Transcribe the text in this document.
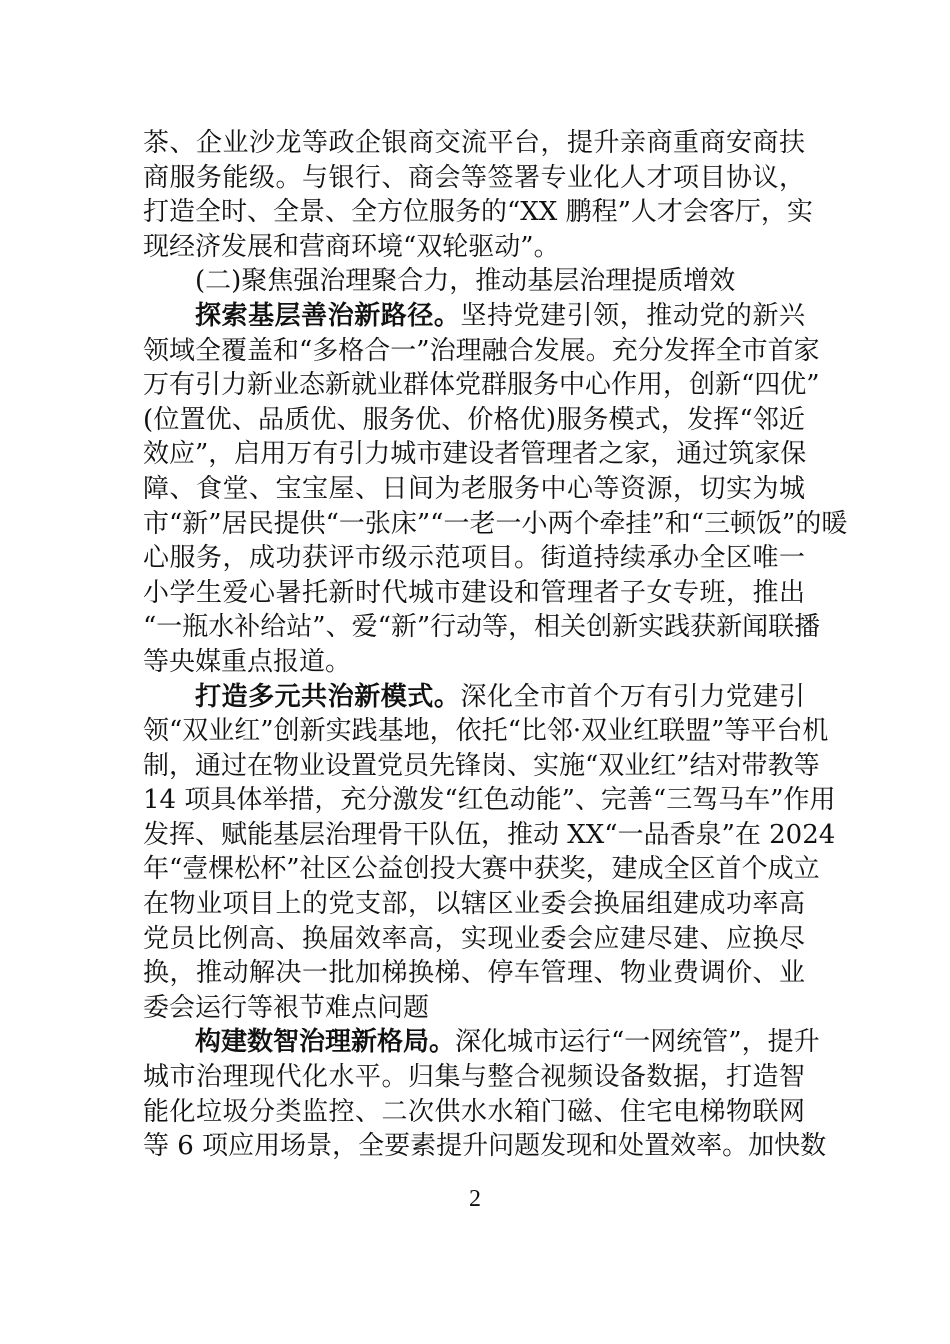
茶、企业沙龙等政企银商交流平台，提升亲商重商安商扶
商服务能级。与银行、商会等签署专业化人才项目协议，
打造全时、全景、全方位服务的“XX 鹏程”人才会客厅，实
现经济发展和营商环境“双轮驱动”。
(二)聚焦强治理聚合力，推动基层治理提质增效
探索基层善治新路径。坚持党建引领，推动党的新兴
领域全覆盖和“多格合一”治理融合发展。充分发挥全市首家
万有引力新业态新就业群体党群服务中心作用，创新“四优”
(位置优、品质优、服务优、价格优)服务模式，发挥“邻近
效应”，启用万有引力城市建设者管理者之家，通过筑家保
障、食堂、宝宝屋、日间为老服务中心等资源，切实为城
市“新”居民提供“一张床”“一老一小两个牵挂”和“三顿饭”的暖
心服务，成功获评市级示范项目。街道持续承办全区唯一
小学生爱心暑托新时代城市建设和管理者子女专班，推出
“一瓶水补给站”、爱“新”行动等，相关创新实践获新闻联播
等央媒重点报道。
打造多元共治新模式。深化全市首个万有引力党建引
领“双业红”创新实践基地，依托“比邻·双业红联盟”等平台机
制，通过在物业设置党员先锋岗、实施“双业红”结对带教等
14 项具体举措，充分激发“红色动能”、完善“三驾马车”作用
发挥、赋能基层治理骨干队伍，推动 XX“一品香泉”在 2024
年“壹棵松杯”社区公益创投大赛中获奖，建成全区首个成立
在物业项目上的党支部，以辖区业委会换届组建成功率高
党员比例高、换届效率高，实现业委会应建尽建、应换尽
换，推动解决一批加梯换梯、停车管理、物业费调价、业
委会运行等裉节难点问题
构建数智治理新格局。深化城市运行“一网统管”，提升
城市治理现代化水平。归集与整合视频设备数据，打造智
能化垃圾分类监控、二次供水水箱门磁、住宅电梯物联网
等 6 项应用场景，全要素提升问题发现和处置效率。加快数
2
